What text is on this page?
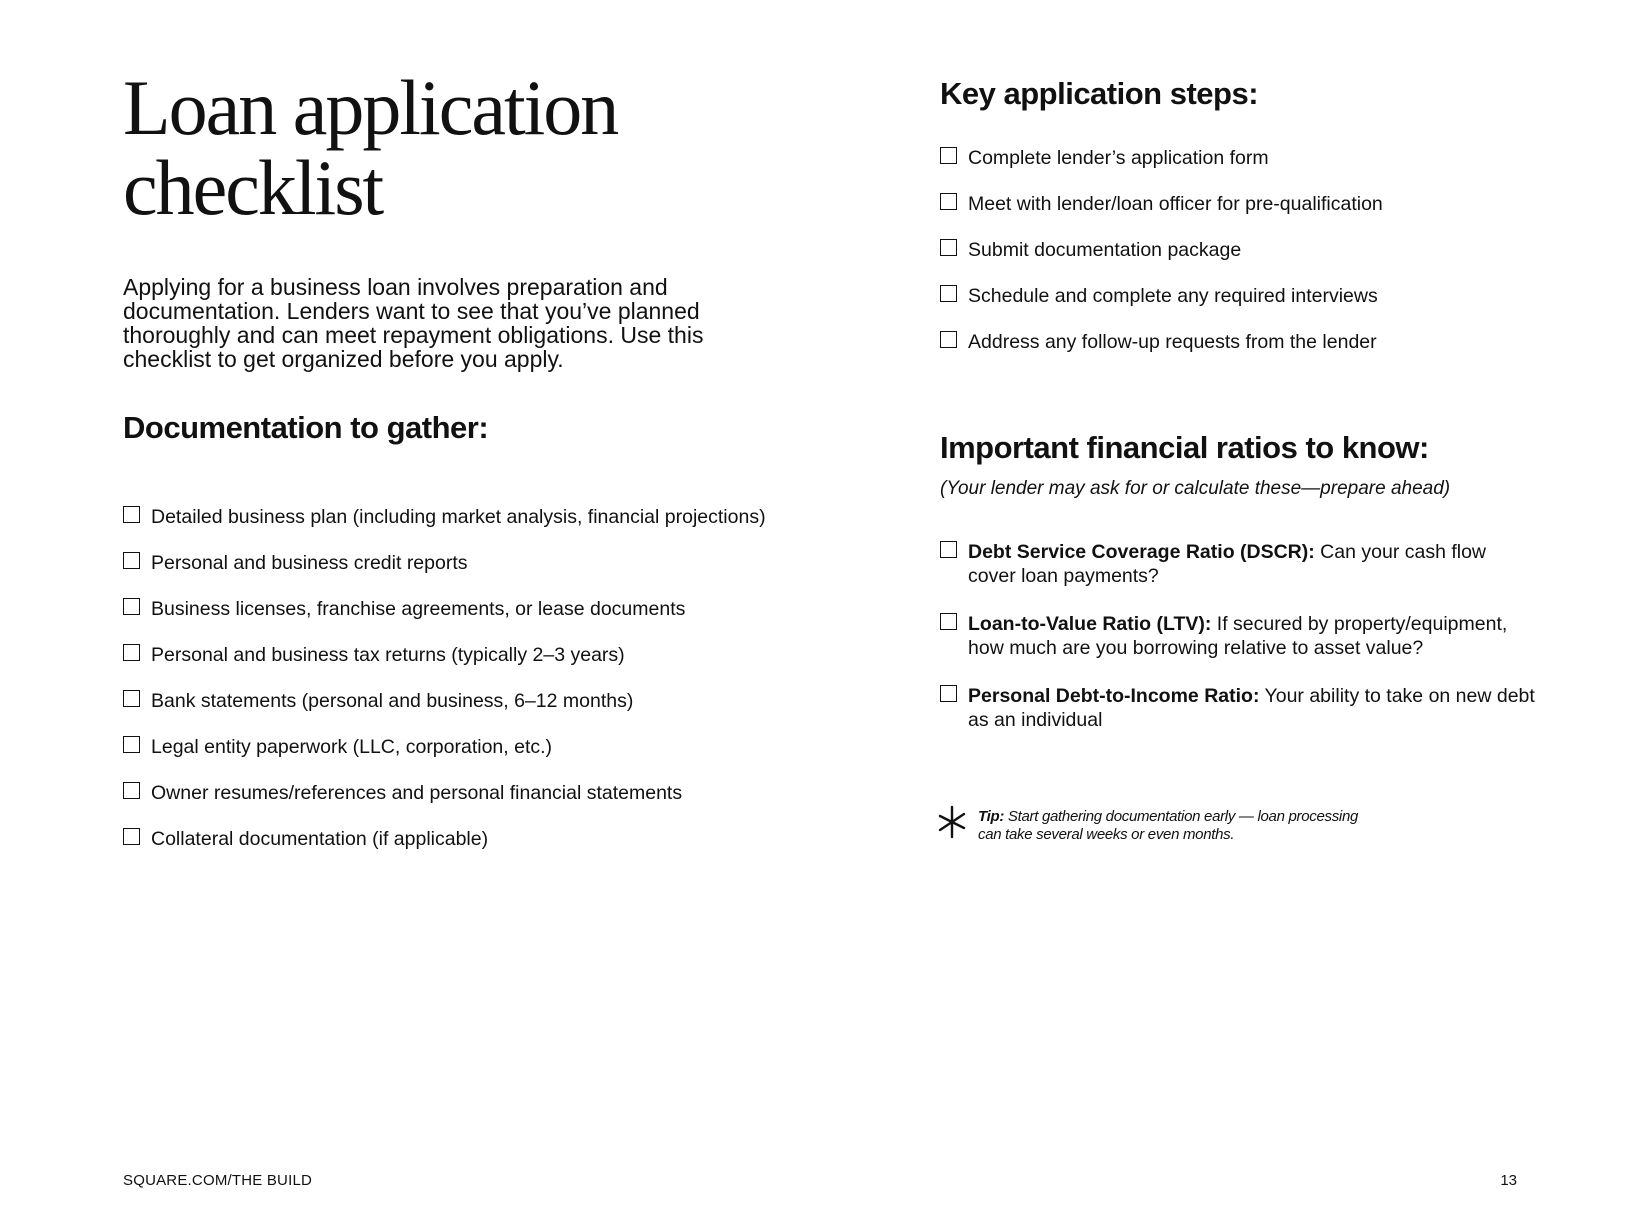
Loan application
checklist

Applying for a business loan involves preparation and documentation. Lenders want to see that you’ve planned thoroughly and can meet repayment obligations. Use this checklist to get organized before you apply.

Documentation to gather:
Detailed business plan (including market analysis, financial projections)
Personal and business credit reports
Business licenses, franchise agreements, or lease documents
Personal and business tax returns (typically 2–3 years)
Bank statements (personal and business, 6–12 months)
Legal entity paperwork (LLC, corporation, etc.)
Owner resumes/references and personal financial statements
Collateral documentation (if applicable)
Key application steps:
Complete lender’s application form
Meet with lender/loan officer for pre-qualification
Submit documentation package
Schedule and complete any required interviews
Address any follow-up requests from the lender
Important financial ratios to know:

(Your lender may ask for or calculate these—prepare ahead)

Debt Service Coverage Ratio (DSCR): Can your cash flow cover loan payments?
Loan-to-Value Ratio (LTV): If secured by property/equipment, how much are you borrowing relative to asset value?
Personal Debt-to-Income Ratio: Your ability to take on new debt as an individual

Tip: Start gathering documentation early — loan processing can take several weeks or even months.

SQUARE.COM/THE BUILD	13
